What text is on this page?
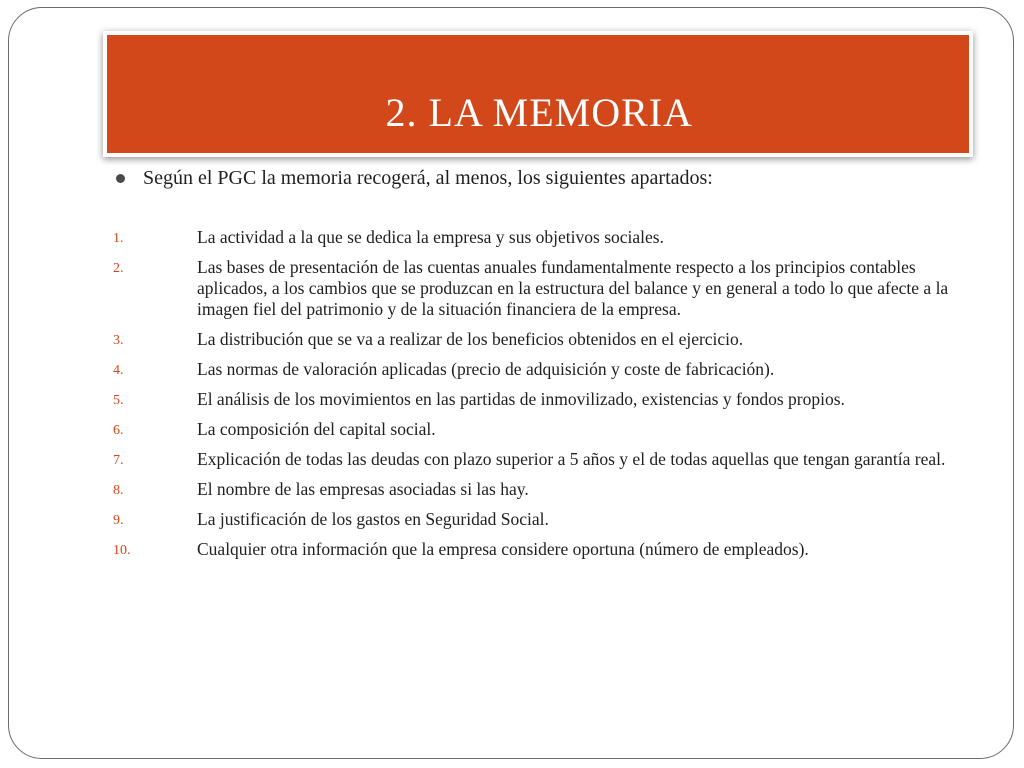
2. LA MEMORIA
Según el PGC la memoria recogerá, al menos, los siguientes apartados:
1.	La actividad a la que se dedica la empresa y sus objetivos sociales.
2.	Las bases de presentación de las cuentas anuales fundamentalmente respecto a los principios contables aplicados, a los cambios que se produzcan en la estructura del balance y en general a todo lo que afecte a la imagen fiel del patrimonio y de la situación financiera de la empresa.
3.	La distribución que se va a realizar de los beneficios obtenidos en el ejercicio.
4.	Las normas de valoración aplicadas (precio de adquisición y coste de fabricación).
5.	El análisis de los movimientos en las partidas de inmovilizado, existencias y fondos propios.
6.	La composición del capital social.
7.	Explicación de todas las deudas con plazo superior a 5 años y el de todas aquellas que tengan garantía real.
8.	El nombre de las empresas asociadas si las hay.
9.	La justificación de los gastos en Seguridad Social.
10.	Cualquier otra información que la empresa considere oportuna (número de empleados).
